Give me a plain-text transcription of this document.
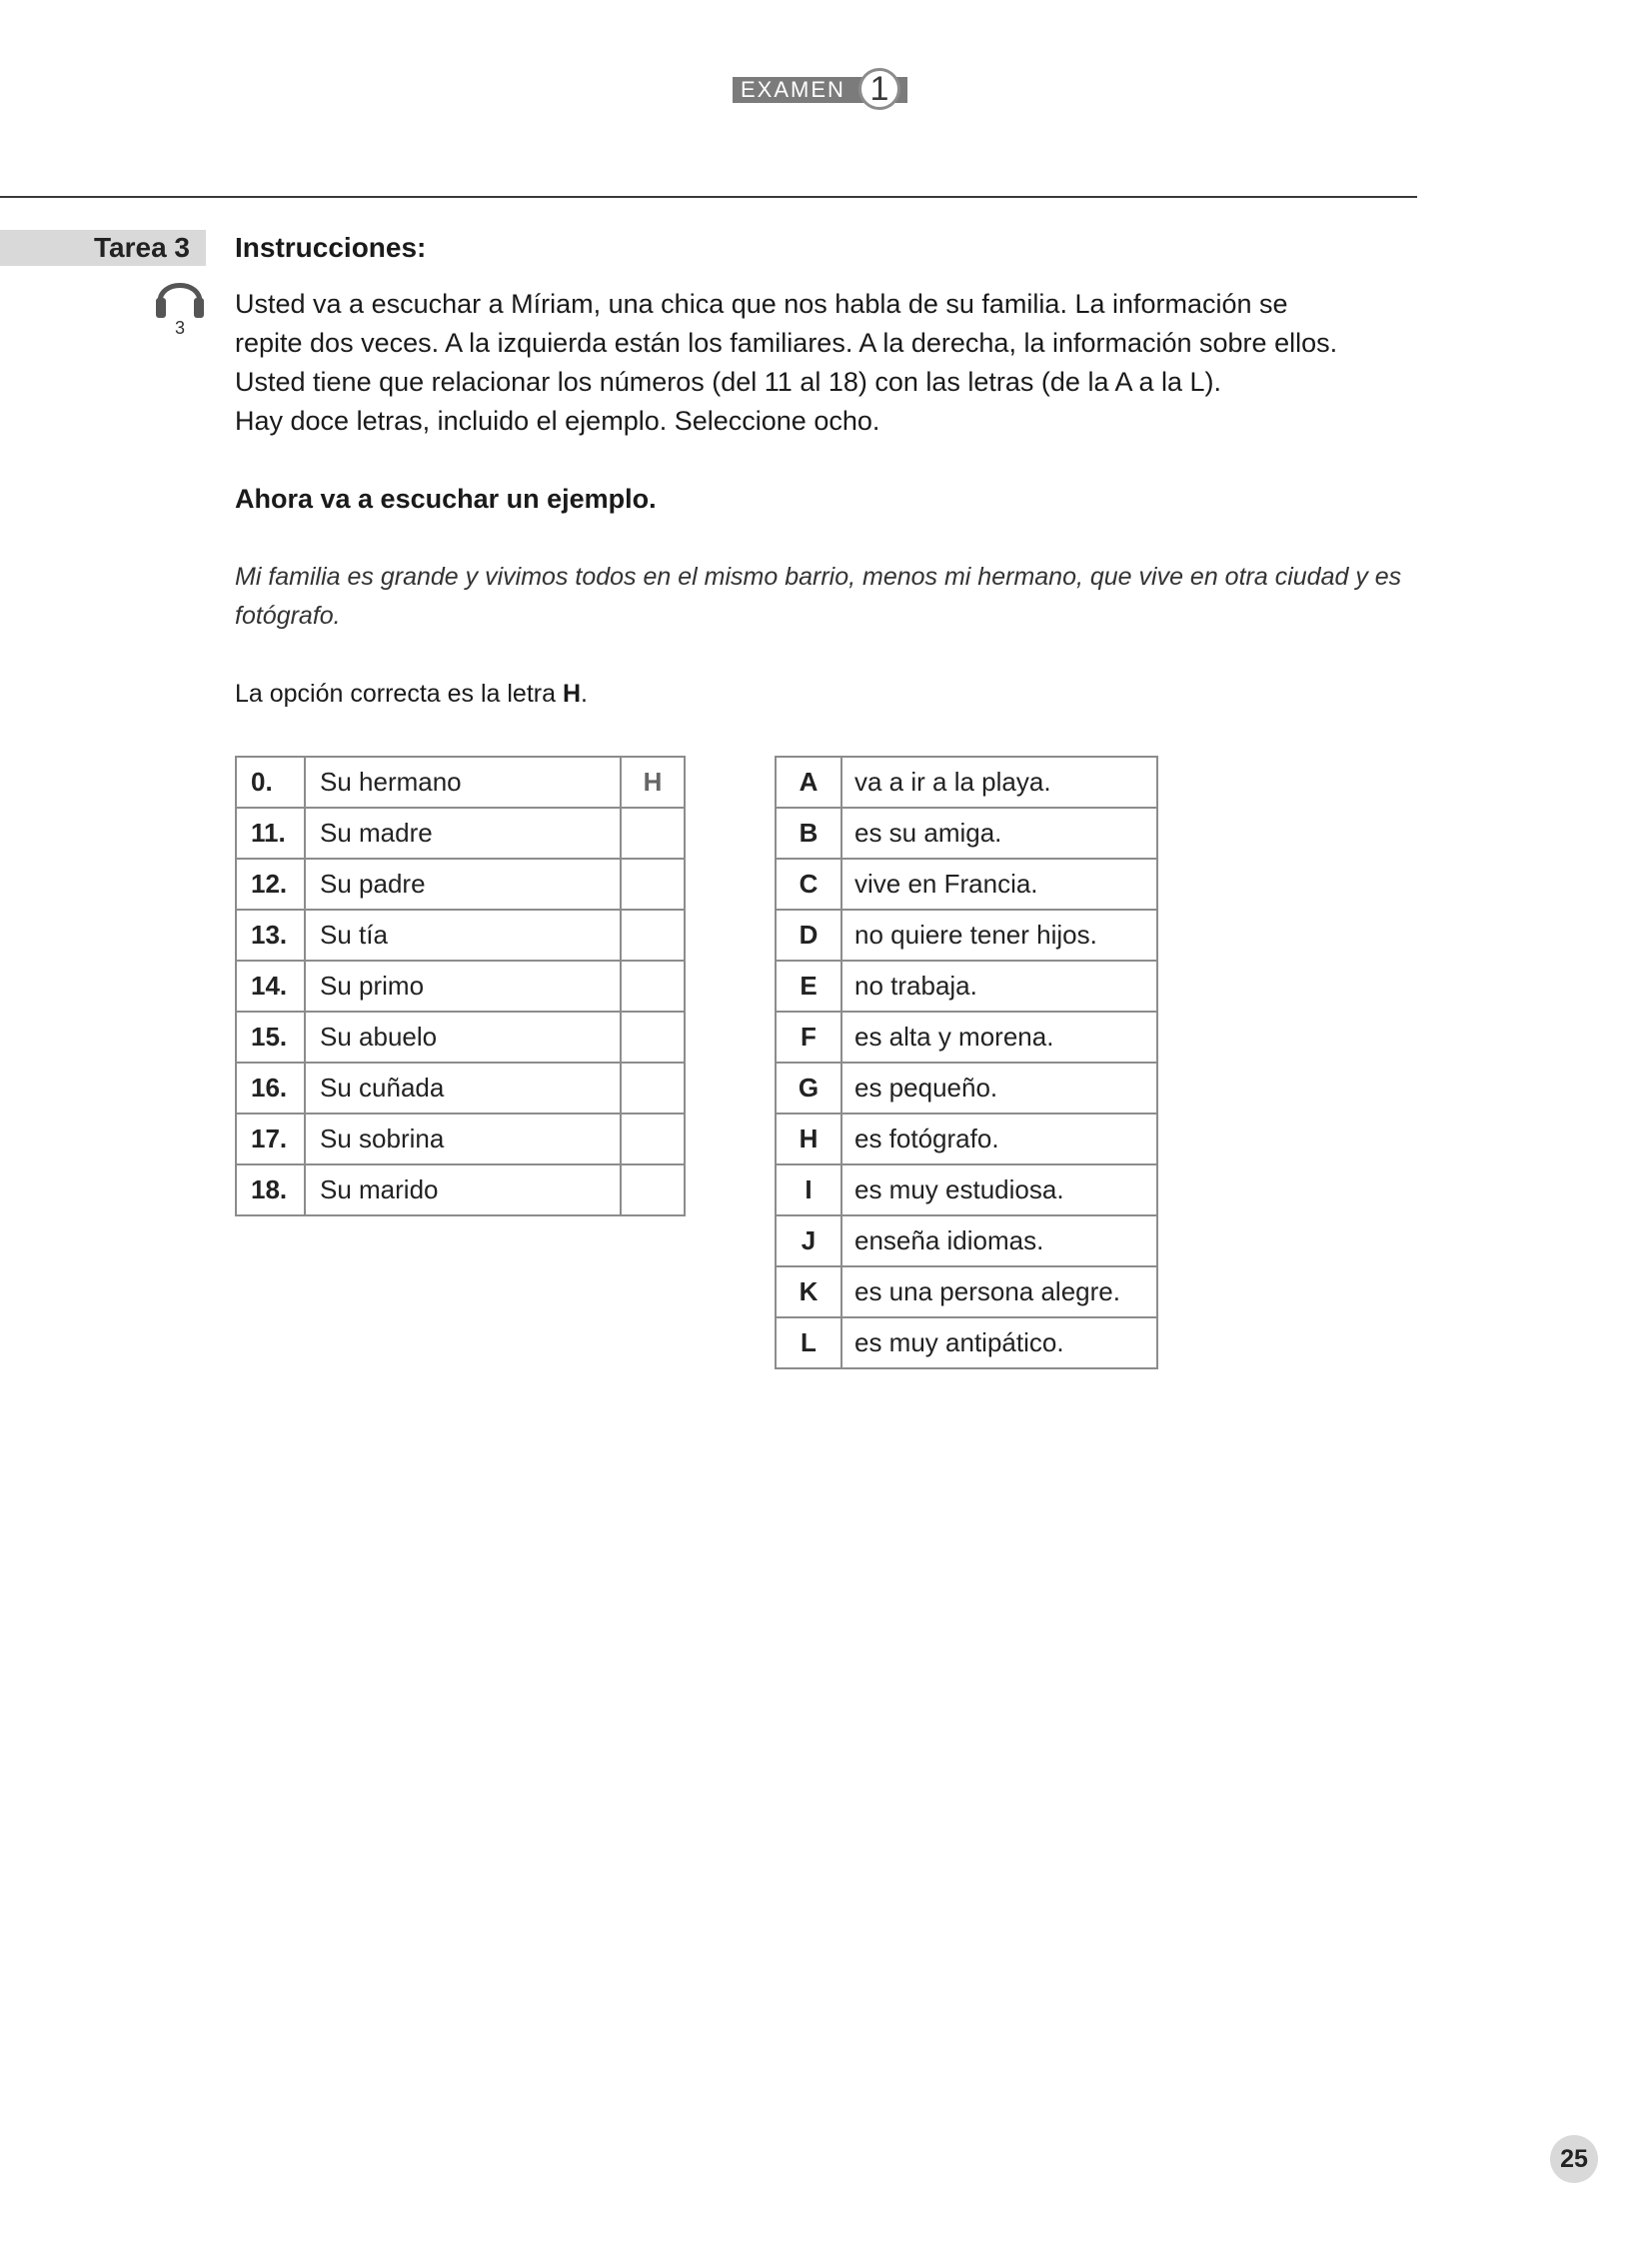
EXAMEN 1
Tarea 3
3
Instrucciones:
Usted va a escuchar a Míriam, una chica que nos habla de su familia. La información se
repite dos veces. A la izquierda están los familiares. A la derecha, la información sobre ellos.
Usted tiene que relacionar los números (del 11 al 18) con las letras (de la A a la L).
Hay doce letras, incluido el ejemplo. Seleccione ocho.
Ahora va a escuchar un ejemplo.
Mi familia es grande y vivimos todos en el mismo barrio, menos mi hermano, que vive en otra ciudad y es
fotógrafo.
La opción correcta es la letra H.
0.	Su hermano	H
11.	Su madre	
12.	Su padre	
13.	Su tía	
14.	Su primo	
15.	Su abuelo	
16.	Su cuñada	
17.	Su sobrina	
18.	Su marido	
A	va a ir a la playa.
B	es su amiga.
C	vive en Francia.
D	no quiere tener hijos.
E	no trabaja.
F	es alta y morena.
G	es pequeño.
H	es fotógrafo.
I	es muy estudiosa.
J	enseña idiomas.
K	es una persona alegre.
L	es muy antipático.
25
